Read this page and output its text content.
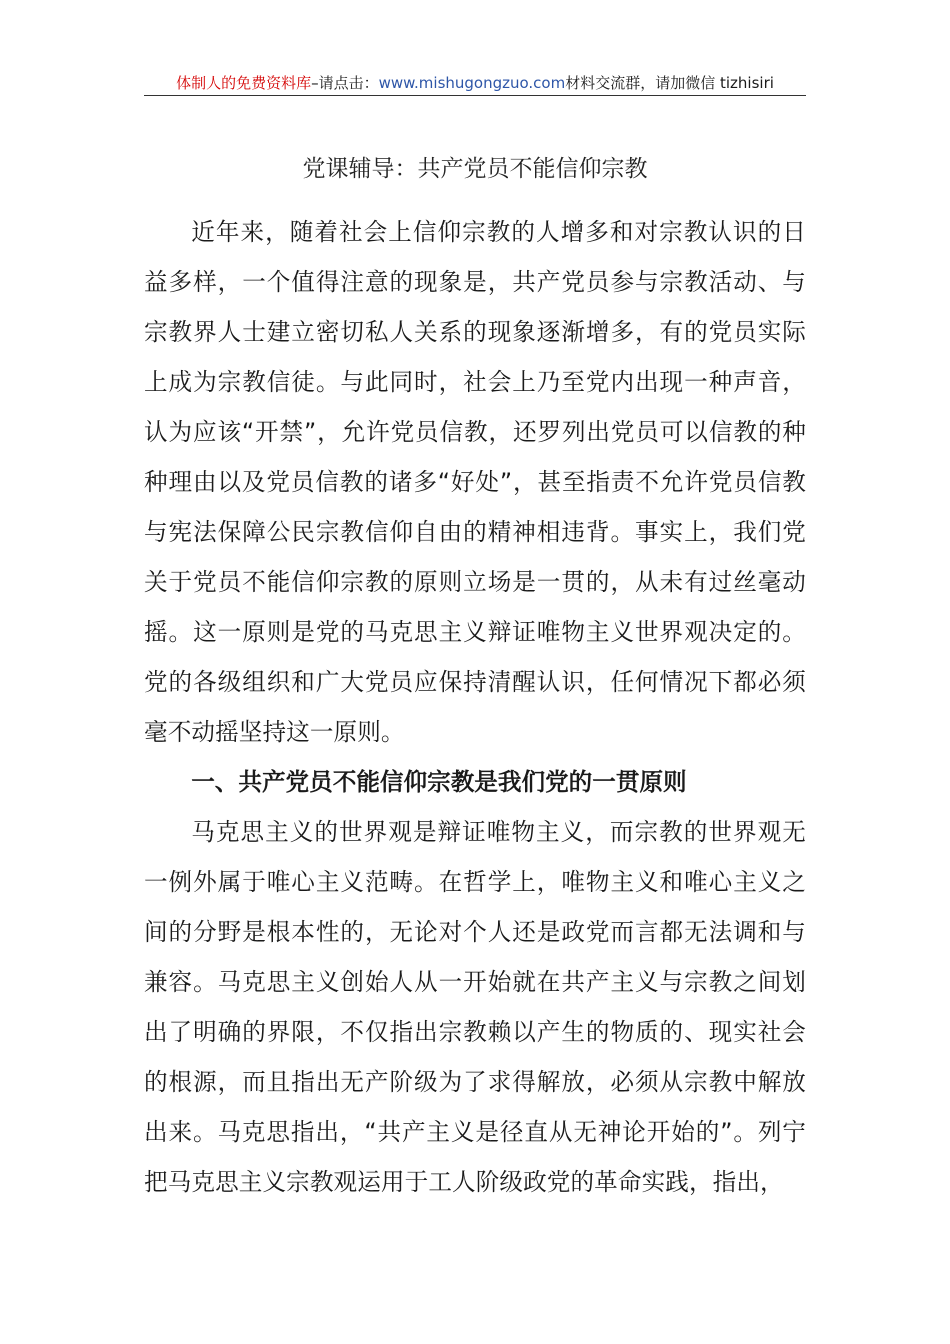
体制人的免费资料库 –请点击： www.mishugongzuo.com 材料交流群，请加微信 tizhisiri
党课辅导：共产党员不能信仰宗教

近年来，随着社会上信仰宗教的人增多和对宗教认识的日益多样，一个值得注意的现象是，共产党员参与宗教活动、与宗教界人士建立密切私人关系的现象逐渐增多，有的党员实际上成为宗教信徒。与此同时，社会上乃至党内出现一种声音，认为应该“开禁”，允许党员信教，还罗列出党员可以信教的种种理由以及党员信教的诸多“好处”，甚至指责不允许党员信教与宪法保障公民宗教信仰自由的精神相违背。事实上，我们党关于党员不能信仰宗教的原则立场是一贯的，从未有过丝毫动摇。这一原则是党的马克思主义辩证唯物主义世界观决定的。党的各级组织和广大党员应保持清醒认识，任何情况下都必须毫不动摇坚持这一原则。

一、共产党员不能信仰宗教是我们党的一贯原则

马克思主义的世界观是辩证唯物主义，而宗教的世界观无一例外属于唯心主义范畴。在哲学上，唯物主义和唯心主义之间的分野是根本性的，无论对个人还是政党而言都无法调和与兼容。马克思主义创始人从一开始就在共产主义与宗教之间划出了明确的界限，不仅指出宗教赖以产生的物质的、现实社会的根源，而且指出无产阶级为了求得解放，必须从宗教中解放出来。马克思指出，“共产主义是径直从无神论开始的”。列宁把马克思主义宗教观运用于工人阶级政党的革命实践，指出，
